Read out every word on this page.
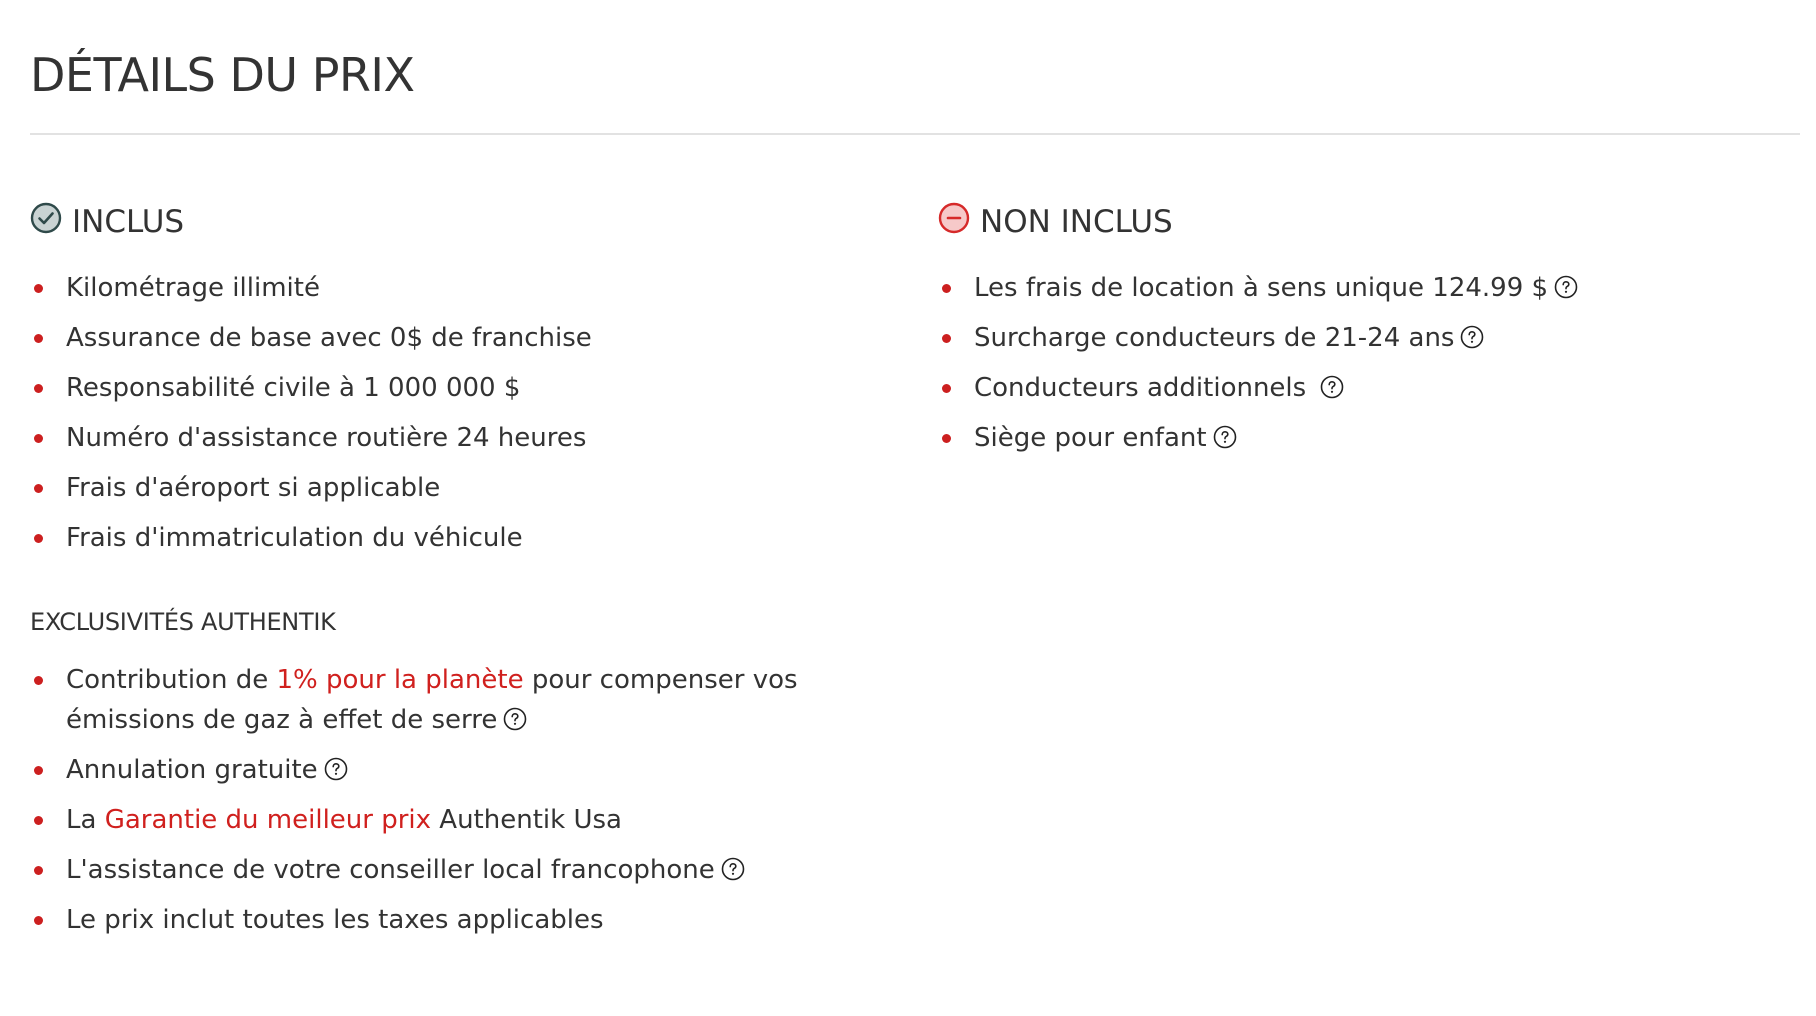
DÉTAILS DU PRIX
INCLUS
Kilométrage illimité
Assurance de base avec 0$ de franchise
Responsabilité civile à 1 000 000 $
Numéro d'assistance routière 24 heures
Frais d'aéroport si applicable
Frais d'immatriculation du véhicule
EXCLUSIVITÉS AUTHENTIK
Contribution de 1% pour la planète pour compenser vos émissions de gaz à effet de serre
Annulation gratuite
La Garantie du meilleur prix Authentik Usa
L'assistance de votre conseiller local francophone
Le prix inclut toutes les taxes applicables
NON INCLUS
Les frais de location à sens unique 124.99 $
Surcharge conducteurs de 21-24 ans
Conducteurs additionnels
Siège pour enfant
